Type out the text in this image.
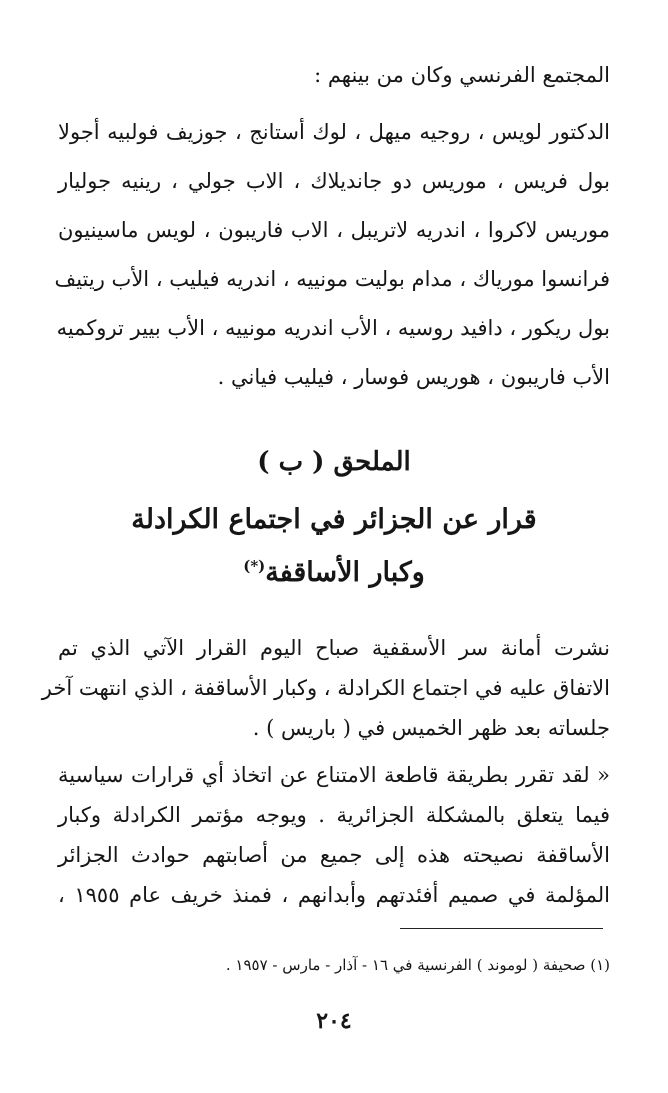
المجتمع الفرنسي وكان من بينهم :
الدكتور لويس ، روجيه ميهل ، لوك أستانج ، جوزيف فولبيه أجولا
بول فريس ، موريس دو جانديلاك ، الاب جولي ، رينيه جوليار
موريس لاكروا ، اندريه لاتريبل ، الاب فاريبون ، لويس ماسينيون
فرانسوا مورياك ، مدام بوليت مونييه ، اندريه فيليب ، الأب ريتيف
بول ريكور ، دافيد روسيه ، الأب اندريه مونييه ، الأب بيير تروكميه
الأب فاريبون ، هوريس فوسار ، فيليب فياني .
الملحق ( ب )
قرار عن الجزائر في اجتماع الكرادلة
وكبار الأساقفة(*)
نشرت أمانة سر الأسقفية صباح اليوم القرار الآتي الذي تم
الاتفاق عليه في اجتماع الكرادلة ، وكبار الأساقفة ، الذي انتهت آخر
جلساته بعد ظهر الخميس في ( باريس ) .
« لقد تقرر بطريقة قاطعة الامتناع عن اتخاذ أي قرارات سياسية
فيما يتعلق بالمشكلة الجزائرية . ويوجه مؤتمر الكرادلة وكبار
الأساقفة نصيحته هذه إلى جميع من أصابتهم حوادث الجزائر
المؤلمة في صميم أفئدتهم وأبدانهم ، فمنذ خريف عام ١٩٥٥ ،
(١) صحيفة ( لوموند ) الفرنسية في ١٦ - آذار - مارس - ١٩٥٧ .
٢٠٤
